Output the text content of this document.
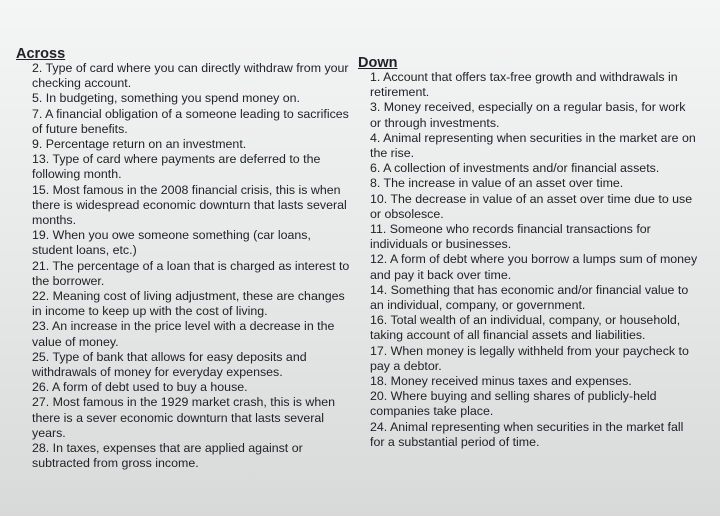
Across
2. Type of card where you can directly withdraw from your checking account.
5. In budgeting, something you spend money on.
7. A financial obligation of a someone leading to sacrifices of future benefits.
9. Percentage return on an investment.
13. Type of card where payments are deferred to the following month.
15. Most famous in the 2008 financial crisis, this is when there is widespread economic downturn that lasts several months.
19. When you owe someone something (car loans, student loans, etc.)
21. The percentage of a loan that is charged as interest to the borrower.
22. Meaning cost of living adjustment, these are changes in income to keep up with the cost of living.
23. An increase in the price level with a decrease in the value of money.
25. Type of bank that allows for easy deposits and withdrawals of money for everyday expenses.
26. A form of debt used to buy a house.
27. Most famous in the 1929 market crash, this is when there is a sever economic downturn that lasts several years.
28. In taxes, expenses that are applied against or subtracted from gross income.
Down
1. Account that offers tax-free growth and withdrawals in retirement.
3. Money received, especially on a regular basis, for work or through investments.
4. Animal representing when securities in the market are on the rise.
6. A collection of investments and/or financial assets.
8. The increase in value of an asset over time.
10. The decrease in value of an asset over time due to use or obsolesce.
11. Someone who records financial transactions for individuals or businesses.
12. A form of debt where you borrow a lumps sum of money and pay it back over time.
14. Something that has economic and/or financial value to an individual, company, or government.
16. Total wealth of an individual, company, or household, taking account of all financial assets and liabilities.
17. When money is legally withheld from your paycheck to pay a debtor.
18. Money received minus taxes and expenses.
20. Where buying and selling shares of publicly-held companies take place.
24. Animal representing when securities in the market fall for a substantial period of time.
